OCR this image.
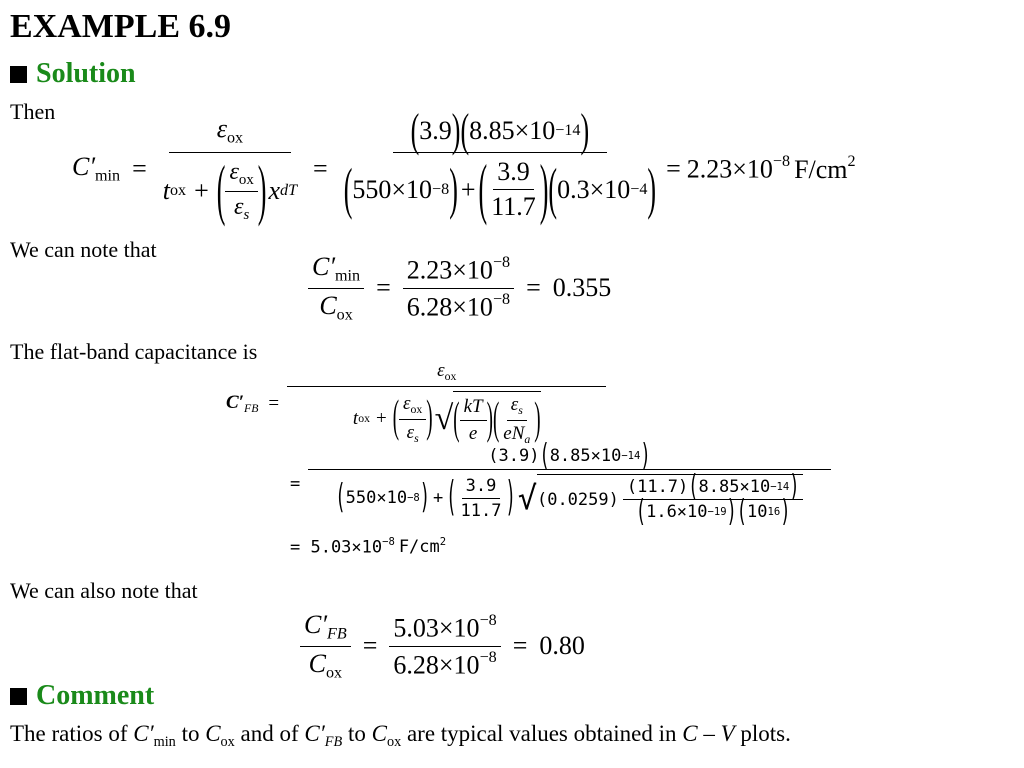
EXAMPLE 6.9
Solution
Then
$C'_{min}$ =
$\varepsilon_{ox}$
t ox + ( $\frac{\varepsilon_{ox}}{\varepsilon_s}$ ) x dT
=
( 3.9 ) ( 8.85×10 −14 )
( 550×10 −8 ) + ( $\frac{3.9}{11.7}$ ) ( 0.3×10 −4 ) = $2.23\times 10^{-8}$ $F/cm^2$
We can note that
$\frac{C'_{min}}{C_{ox}} = \frac{2.23\times 10^{-8}}{6.28\times 10^{-8}} = 0.355$
The flat-band capacitance is
$C'_{FB}$ =
$\varepsilon_{ox}$
t ox + ( $\frac{\varepsilon_{ox}}{\varepsilon_s}$ ) √ ( $\frac{kT}{e}$ ) ( $\frac{\varepsilon_s}{eN_a}$ )
=
(3.9) ( 8.85×10 −14 )
( 550×10 −8 ) + ( $\frac{3.9}{11.7}$ ) √ $(0.0259) \frac{(11.7) ( 8.85\times 10 -14 )}{( 1.6\times 10 -19 ) ( 10 16 )}$
= $5.03\times 10^{-8}$ $F/cm^2$
We can also note that
$\frac{C'_{FB}}{C_{ox}} = \frac{5.03\times 10^{-8}}{6.28\times 10^{-8}} = 0.80$
Comment
The ratios of $C'_{min}$ to $C_{ox}$ and of $C'_{FB}$ to $C_{ox}$ are typical values obtained in C – V plots.
